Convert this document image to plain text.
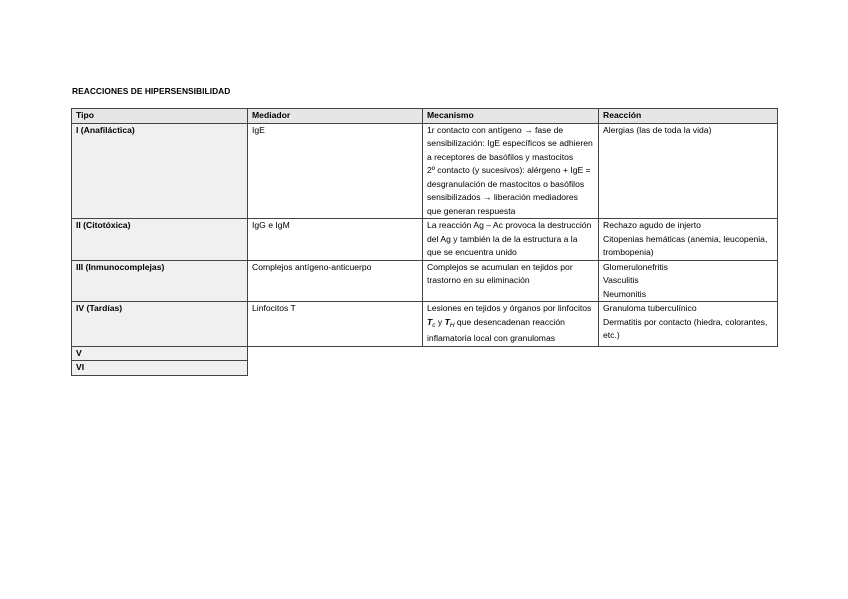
REACCIONES DE HIPERSENSIBILIDAD
Tipo	Mediador	Mecanismo	Reacción
I (Anafiláctica)	IgE	1r contacto con antígeno → fase de sensibilización: IgE específicos se adhieren a receptores de basófilos y mastocitos
2º contacto (y sucesivos): alérgeno + IgE = desgranulación de mastocitos o basófilos sensibilizados → liberación mediadores que generan respuesta	Alergias (las de toda la vida)

II (Citotóxica)	IgG e IgM	La reacción Ag – Ac provoca la destrucción del Ag y también la de la estructura a la que se encuentra unido	Rechazo agudo de injerto
Citopenias hemáticas (anemia, leucopenia, trombopenia)

III (Inmunocomplejas)	Complejos antígeno-anticuerpo	Complejos se acumulan en tejidos por trastorno en su eliminación	Glomerulonefritis
Vasculitis
Neumonitis

IV (Tardías)	Linfocitos T	Lesiones en tejidos y órganos por linfocitos $T_c$ y $T_H$ que desencadenan reacción inflamatoria local con granulomas	Granuloma tuberculínico
Dermatitis por contacto (hiedra, colorantes, etc.)

V			
VI			
